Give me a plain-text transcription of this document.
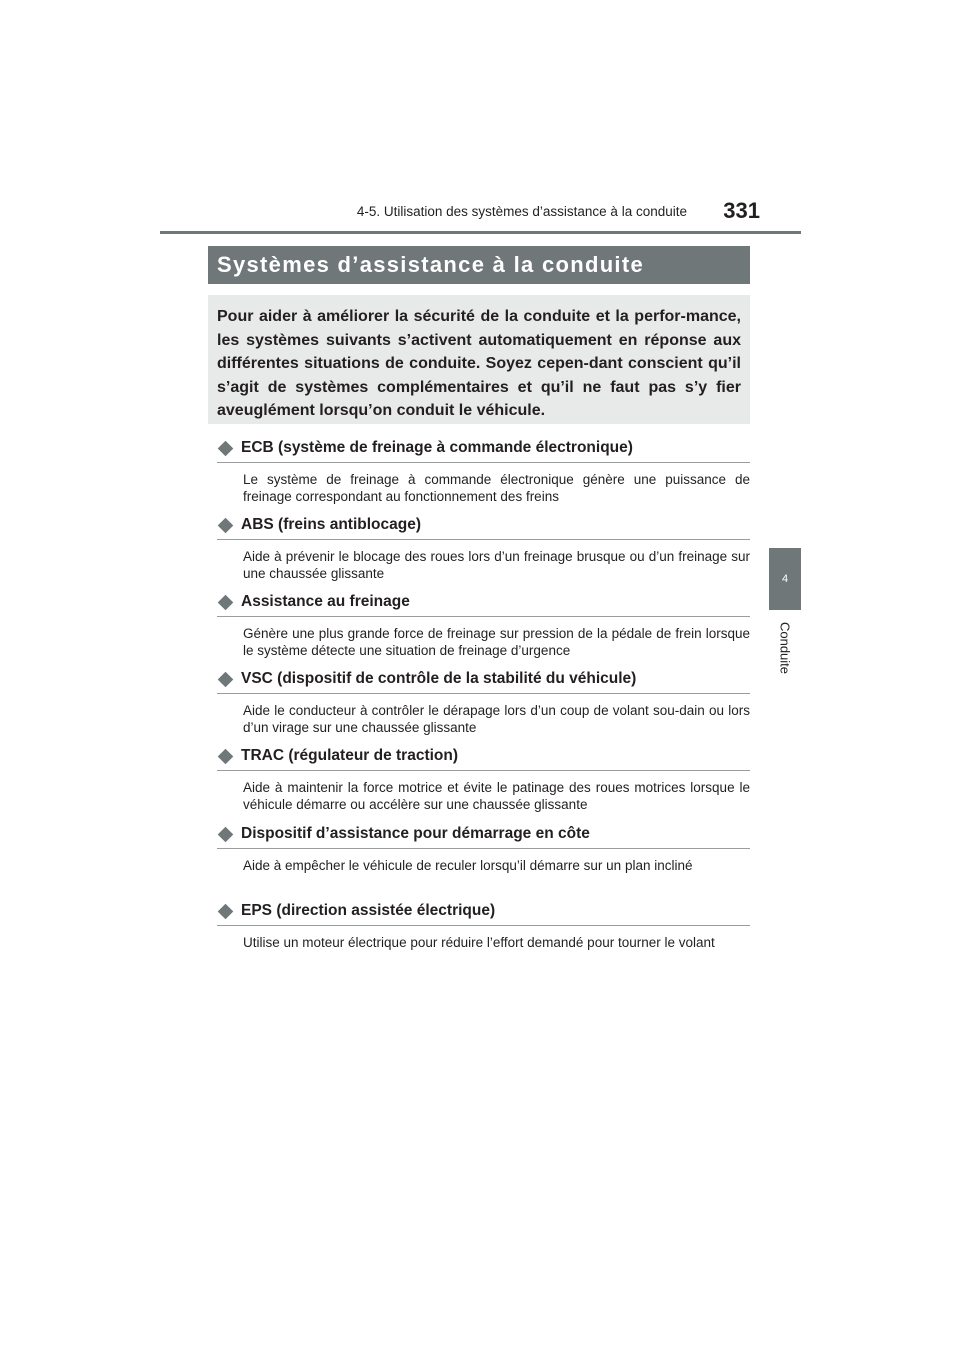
4-5. Utilisation des systèmes d’assistance à la conduite	331
Systèmes d’assistance à la conduite

Pour aider à améliorer la sécurité de la conduite et la perfor-mance, les systèmes suivants s’activent automatiquement en réponse aux différentes situations de conduite. Soyez cepen-dant conscient qu’il s’agit de systèmes complémentaires et qu’il ne faut pas s’y fier aveuglément lorsqu’on conduit le véhicule.

4
Conduite
ECB (système de freinage à commande électronique)

Le système de freinage à commande électronique génère une puissance de freinage correspondant au fonctionnement des freins

ABS (freins antiblocage)

Aide à prévenir le blocage des roues lors d’un freinage brusque ou d’un freinage sur une chaussée glissante

Assistance au freinage

Génère une plus grande force de freinage sur pression de la pédale de frein lorsque le système détecte une situation de freinage d’urgence

VSC (dispositif de contrôle de la stabilité du véhicule)

Aide le conducteur à contrôler le dérapage lors d’un coup de volant sou-dain ou lors d’un virage sur une chaussée glissante

TRAC (régulateur de traction)

Aide à maintenir la force motrice et évite le patinage des roues motrices lorsque le véhicule démarre ou accélère sur une chaussée glissante

Dispositif d’assistance pour démarrage en côte

Aide à empêcher le véhicule de reculer lorsqu’il démarre sur un plan incliné

EPS (direction assistée électrique)

Utilise un moteur électrique pour réduire l’effort demandé pour tourner le volant
